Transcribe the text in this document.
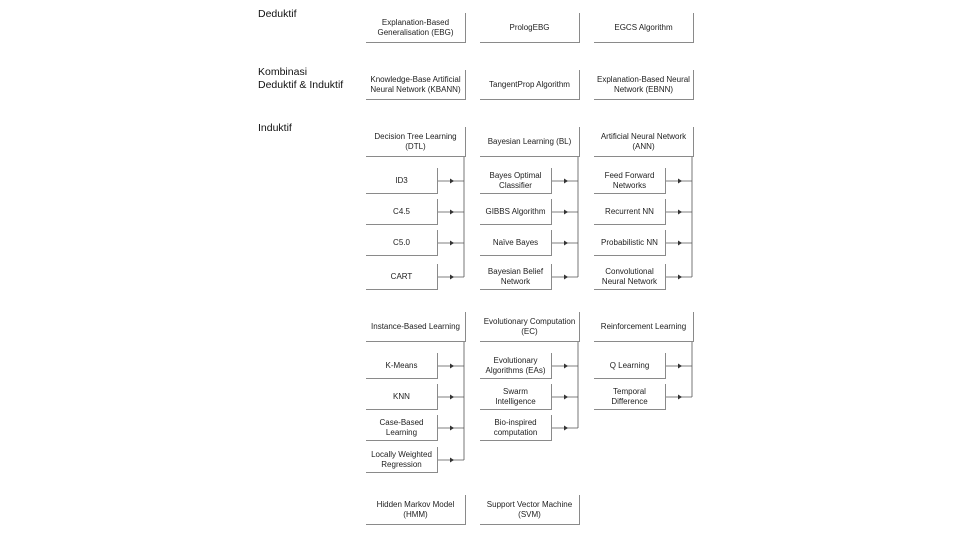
Deduktif
Kombinasi
Deduktif & Induktif
Induktif
Explanation-Based Generalisation (EBG)
PrologEBG	EGCS Algorithm
Knowledge-Base Artificial Neural Network (KBANN)
TangentProp Algorithm
Explanation-Based Neural Network (EBNN)
Decision Tree Learning (DTL)
Bayesian Learning (BL)
Artificial Neural Network (ANN)
ID3
C4.5
C5.0
CART
Bayes Optimal Classifier
GIBBS Algorithm
Naïve Bayes
Bayesian Belief Network
Feed Forward Networks
Recurrent NN
Probabilistic NN
Convolutional Neural Network
Instance-Based Learning
Evolutionary Computation (EC)
Reinforcement Learning
K-Means
KNN
Case-Based Learning
Locally Weighted Regression
Evolutionary Algorithms (EAs)
Swarm Intelligence
Bio-inspired computation
Q Learning
Temporal Difference
Hidden Markov Model (HMM)
Support Vector Machine (SVM)
